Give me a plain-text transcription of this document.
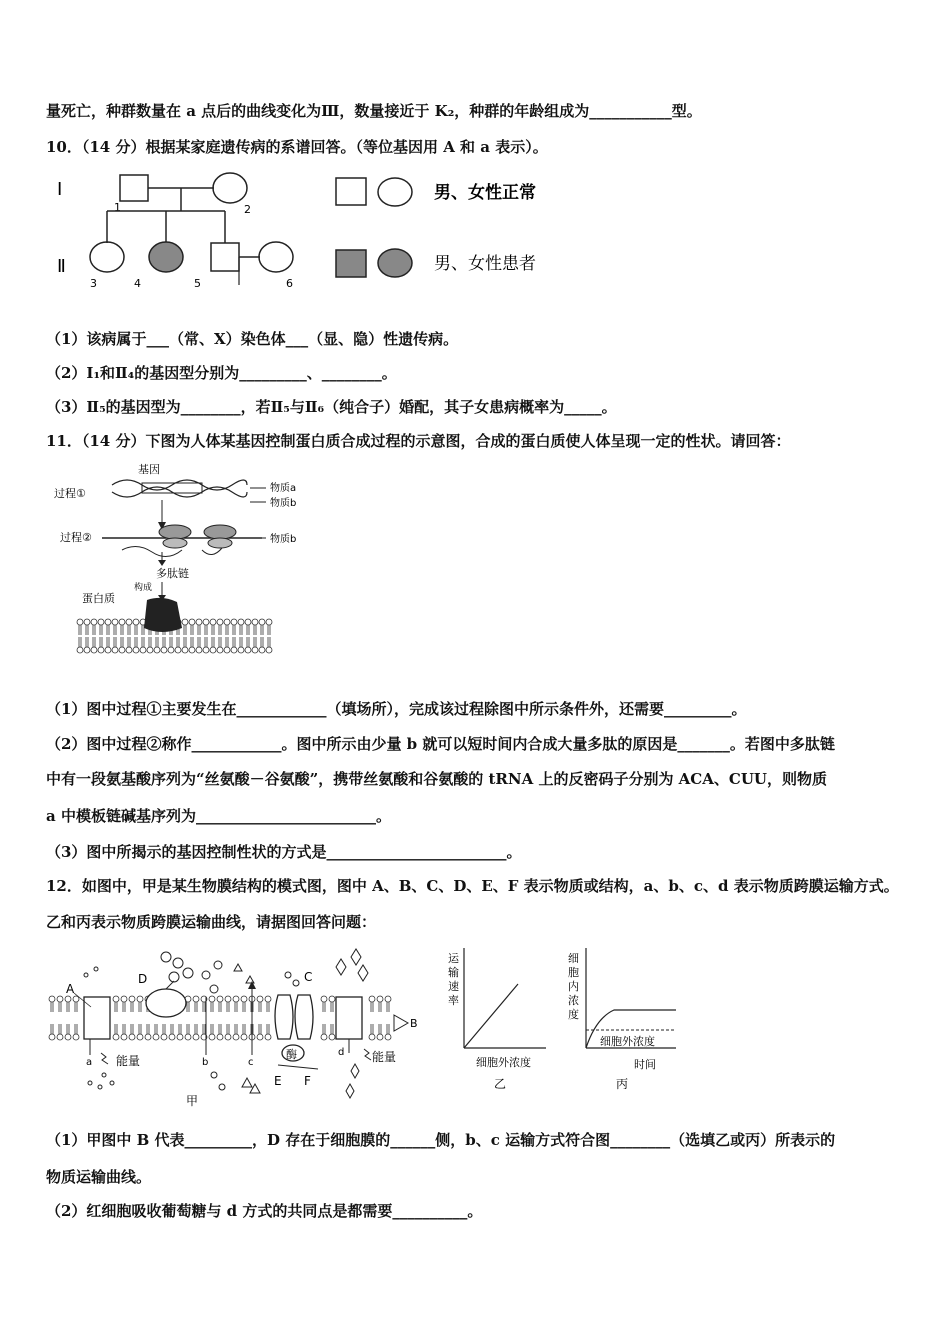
量死亡，种群数量在 a 点后的曲线变化为Ⅲ，数量接近于 K₂，种群的年龄组成为___________型。
10．（14 分）根据某家庭遗传病的系谱回答。（等位基因用 A 和 a 表示）。
Ⅰ
Ⅱ
1	2
3	4	5	6
男、女性正常
男、女性患者
（1）该病属于___（常、X）染色体___（显、隐）性遗传病。
（2）Ⅰ₁和Ⅱ₄的基因型分别为_________、________。
（3）Ⅱ₅的基因型为________，若Ⅱ₅与Ⅱ₆（纯合子）婚配，其子女患病概率为_____。
11．（14 分）下图为人体某基因控制蛋白质合成过程的示意图，合成的蛋白质使人体呈现一定的性状。请回答：
基因
过程①	物质a
物质b
过程②	物质b
多肽链
构成
蛋白质
（1）图中过程①主要发生在____________（填场所），完成该过程除图中所示条件外，还需要_________。
（2）图中过程②称作____________。图中所示由少量 b 就可以短时间内合成大量多肽的原因是_______。若图中多肽链
中有一段氨基酸序列为“丝氨酸－谷氨酸”，携带丝氨酸和谷氨酸的 tRNA 上的反密码子分别为 ACA、CUU，则物质
a 中模板链碱基序列为________________________。
（3）图中所揭示的基因控制性状的方式是________________________。
12．如图中，甲是某生物膜结构的模式图，图中 A、B、C、D、E、F 表示物质或结构，a、b、c、d 表示物质跨膜运输方式。
乙和丙表示物质跨膜运输曲线，请据图回答问题：
A
a 能量
D
b	c
C
酶
E F
d 能量
B
甲
运
输
速
率
细胞外浓度
乙
细
胞
内
浓
度
细胞外浓度
时间
丙
（1）甲图中 B 代表_________，D 存在于细胞膜的______侧，b、c 运输方式符合图________（选填乙或丙）所表示的
物质运输曲线。
（2）红细胞吸收葡萄糖与 d 方式的共同点是都需要__________。
